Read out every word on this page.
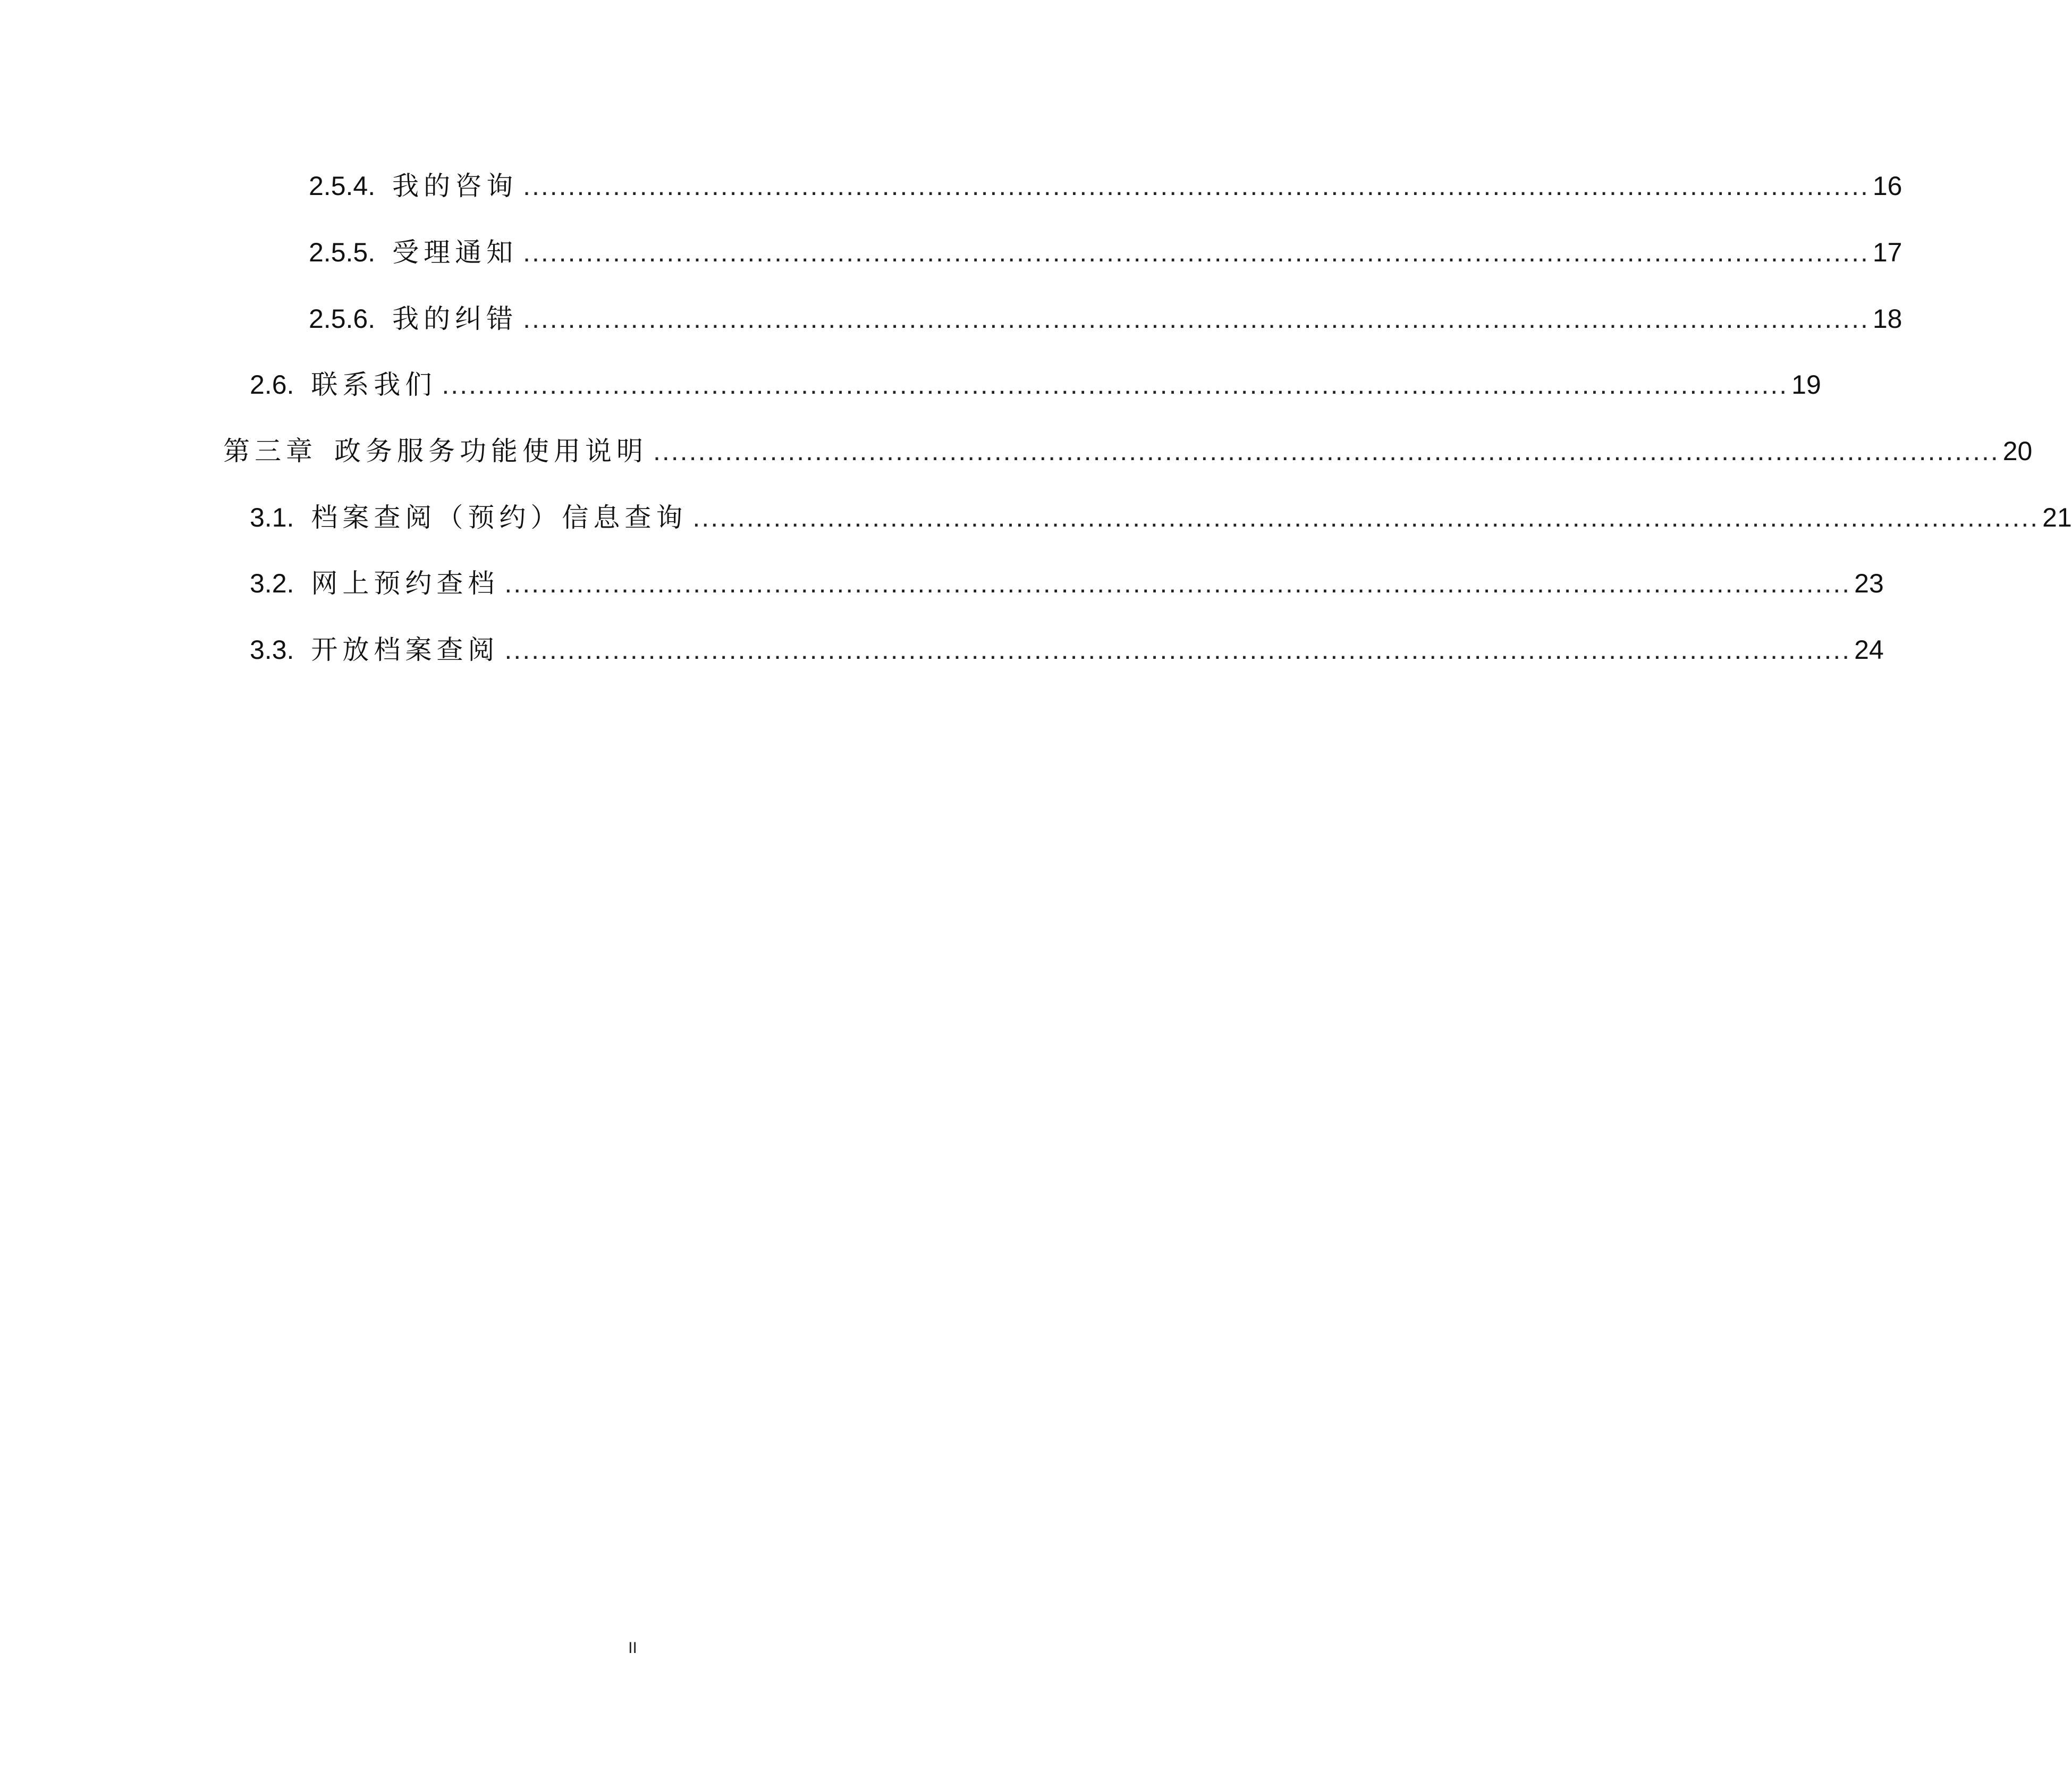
2.5.4. 我的咨询 ...................................................................................................................................................... 16
2.5.5. 受理通知 ...................................................................................................................................................... 17
2.5.6. 我的纠错 ...................................................................................................................................................... 18
2.6. 联系我们 ...................................................................................................................................................... 19
第三章 政务服务功能使用说明 ...................................................................................................................................................... 20
3.1. 档案查阅（预约）信息查询 ...................................................................................................................................................... 21
3.2. 网上预约查档 ...................................................................................................................................................... 23
3.3. 开放档案查阅 ...................................................................................................................................................... 24
II
